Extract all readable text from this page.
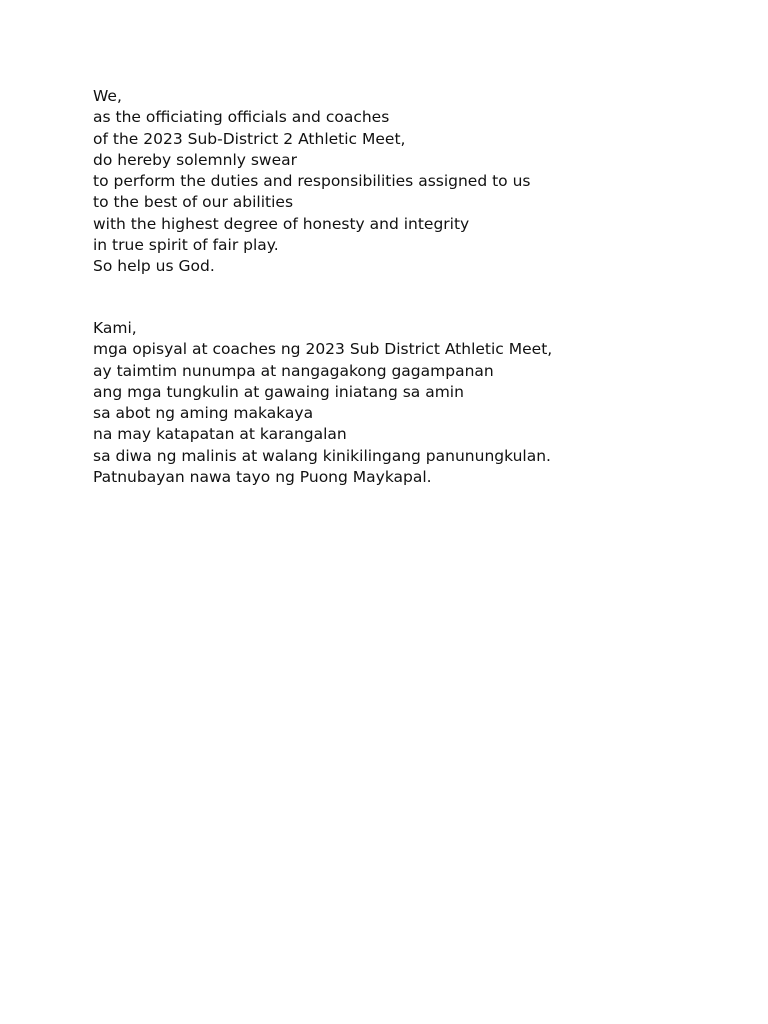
We,
as the officiating officials and coaches
of the 2023 Sub-District 2 Athletic Meet,
do hereby solemnly swear
to perform the duties and responsibilities assigned to us
to the best of our abilities
with the highest degree of honesty and integrity
in true spirit of fair play.
So help us God.
Kami,
mga opisyal at coaches ng 2023 Sub District Athletic Meet,
ay taimtim nunumpa at nangagakong gagampanan
ang mga tungkulin at gawaing iniatang sa amin
sa abot ng aming makakaya
na may katapatan at karangalan
sa diwa ng malinis at walang kinikilingang panunungkulan.
Patnubayan nawa tayo ng Puong Maykapal.
